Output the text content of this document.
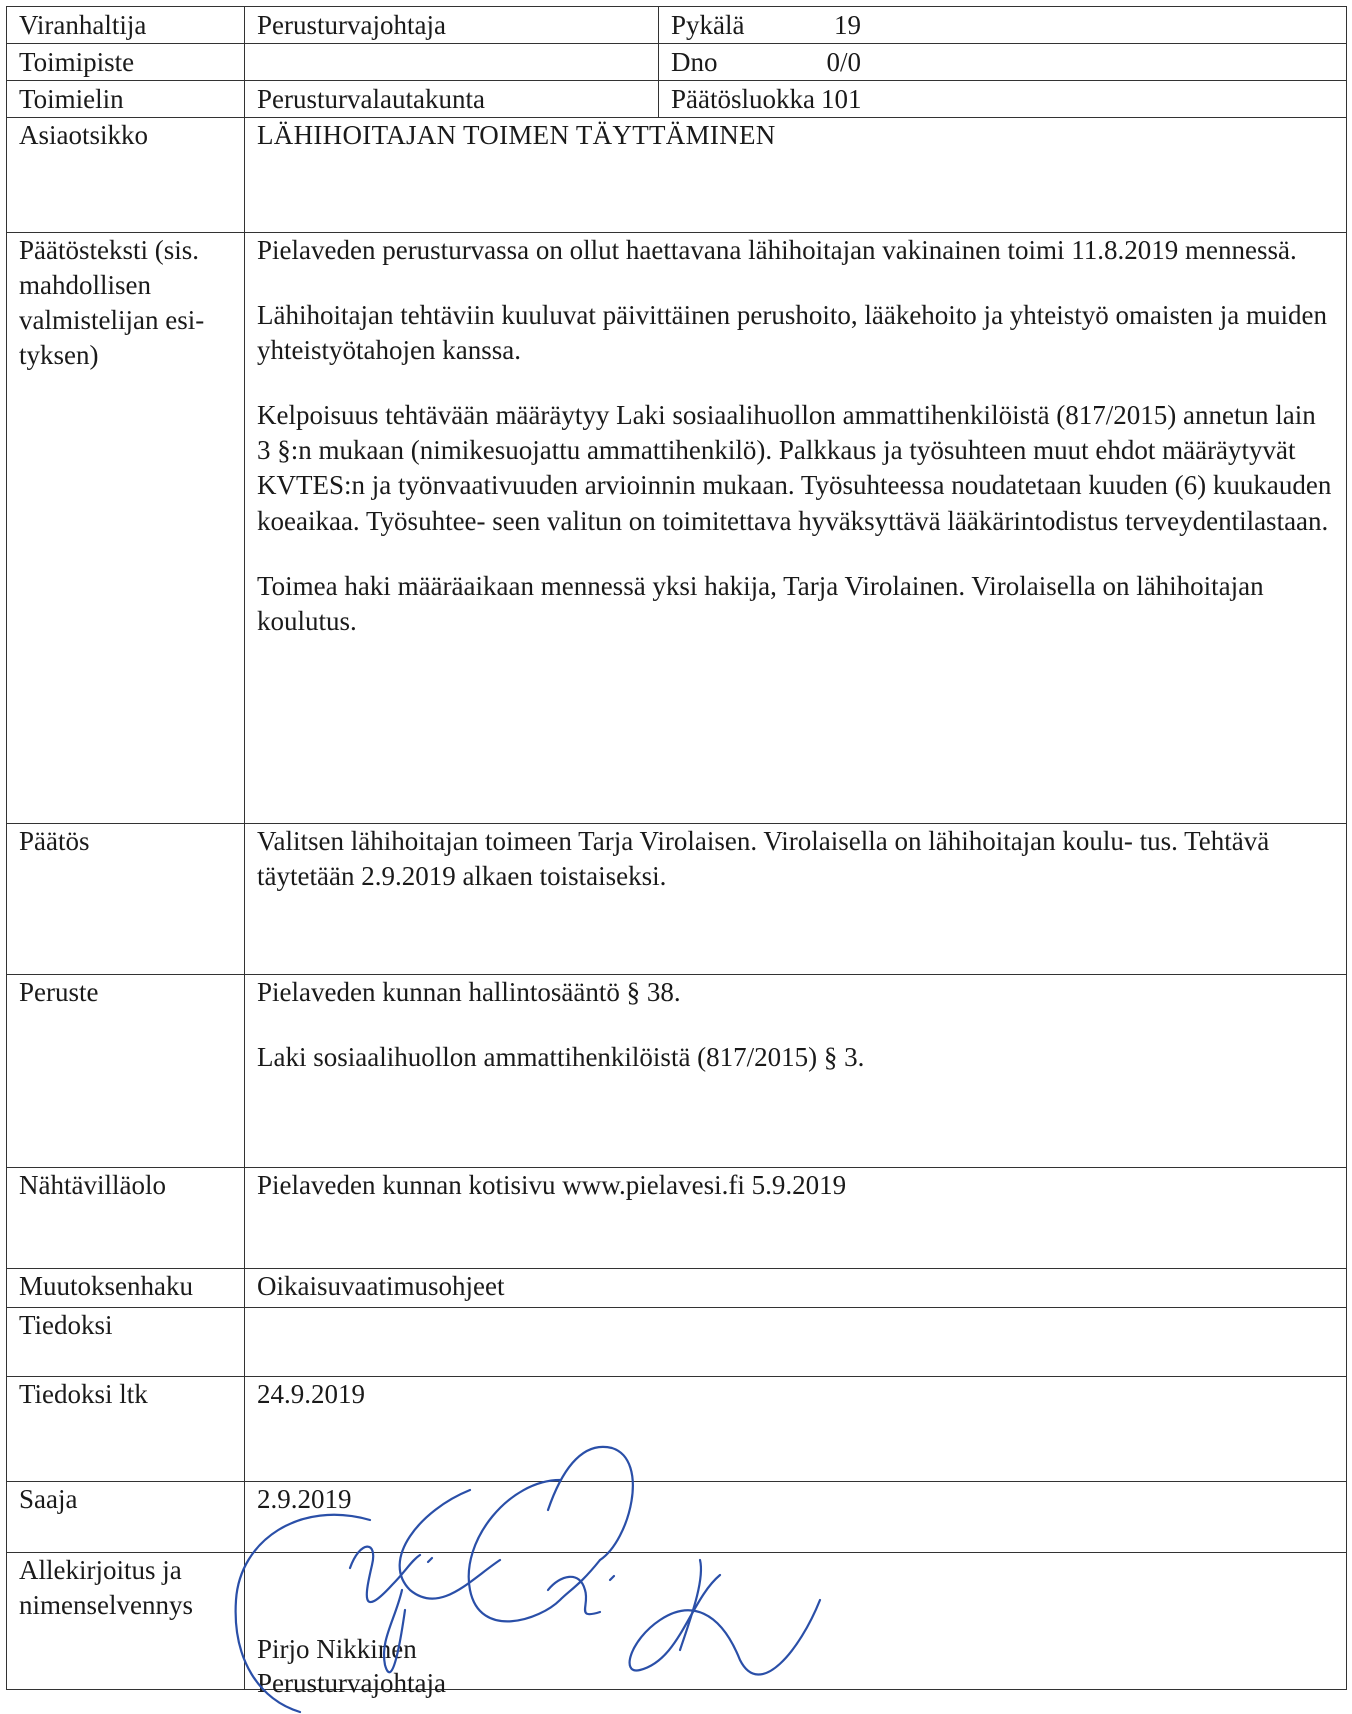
Viranhaltija	Perusturvajohtaja	Pykälä 19
Toimipiste		Dno 0/0
Toimielin	Perusturvalautakunta	Päätösluokka 101
Asiaotsikko	LÄHIHOITAJAN TOIMEN TÄYTTÄMINEN	
Päätösteksti (sis. mahdollisen valmistelijan esi- tyksen)	Pielaveden perusturvassa on ollut haettavana lähihoitajan vakinainen toimi 11.8.2019 mennessä.

Lähihoitajan tehtäviin kuuluvat päivittäinen perushoito, lääkehoito ja yhteistyö omaisten ja muiden yhteistyötahojen kanssa.

Kelpoisuus tehtävään määräytyy Laki sosiaalihuollon ammattihenkilöistä (817/2015) annetun lain 3 §:n mukaan (nimikesuojattu ammattihenkilö). Palkkaus ja työsuhteen muut ehdot määräytyvät KVTES:n ja työnvaativuuden arvioinnin mukaan. Työsuhteessa noudatetaan kuuden (6) kuukauden koeaikaa. Työsuhtee- seen valitun on toimitettava hyväksyttävä lääkärintodistus terveydentilastaan.

Toimea haki määräaikaan mennessä yksi hakija, Tarja Virolainen. Virolaisella on lähihoitajan koulutus.	

Päätös	Valitsen lähihoitajan toimeen Tarja Virolaisen. Virolaisella on lähihoitajan koulu- tus. Tehtävä täytetään 2.9.2019 alkaen toistaiseksi.	
Peruste	Pielaveden kunnan hallintosääntö § 38.

Laki sosiaalihuollon ammattihenkilöistä (817/2015) § 3.	

Nähtävilläolo	Pielaveden kunnan kotisivu www.pielavesi.fi 5.9.2019	
Muutoksenhaku	Oikaisuvaatimusohjeet	
Tiedoksi		
Tiedoksi ltk	24.9.2019	
Saaja	2.9.2019	
Allekirjoitus ja nimenselvennys	Pirjo Nikkinen
Perusturvajohtaja	
